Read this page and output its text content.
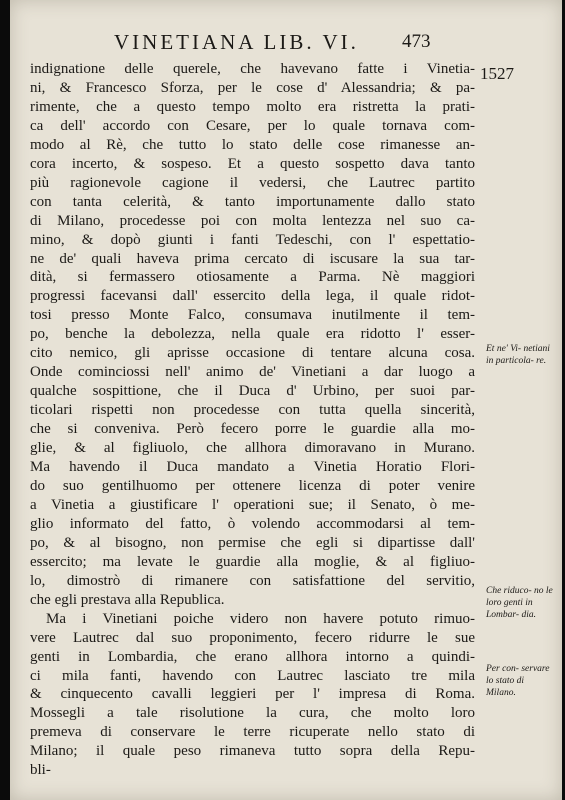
VINETIANA LIB. VI. 473
1527
indignatione delle querele, che havevano fatte i Vinetia-
ni, & Francesco Sforza, per le cose d' Alessandria; & pa-
rimente, che a questo tempo molto era ristretta la prati-
ca dell' accordo con Cesare, per lo quale tornava com-
modo al Rè, che tutto lo stato delle cose rimanesse an-
cora incerto, & sospeso. Et a questo sospetto dava tanto
più ragionevole cagione il vedersi, che Lautrec partito
con tanta celerità, & tanto importunamente dallo stato
di Milano, procedesse poi con molta lentezza nel suo ca-
mino, & dopò giunti i fanti Tedeschi, con l' espettatio-
ne de' quali haveva prima cercato di iscusare la sua tar-
dità, si fermassero otiosamente a Parma. Nè maggiori
progressi facevansi dall' essercito della lega, il quale ridot-
tosi presso Monte Falco, consumava inutilmente il tem-
po, benche la debolezza, nella quale era ridotto l' esser-
cito nemico, gli aprisse occasione di tentare alcuna cosa.
Onde cominciossi nell' animo de' Vinetiani a dar luogo a
qualche sospittione, che il Duca d' Urbino, per suoi par-
ticolari rispetti non procedesse con tutta quella sincerità,
che si conveniva. Però fecero porre le guardie alla mo-
glie, & al figliuolo, che allhora dimoravano in Murano.
Ma havendo il Duca mandato a Vinetia Horatio Flori-
do suo gentilhuomo per ottenere licenza di poter venire
a Vinetia a giustificare l' operationi sue; il Senato, ò me-
glio informato del fatto, ò volendo accommodarsi al tem-
po, & al bisogno, non permise che egli si dipartisse dall'
essercito; ma levate le guardie alla moglie, & al figliuo-
lo, dimostrò di rimanere con satisfattione del servitio,
che egli prestava alla Republica.
Ma i Vinetiani poiche videro non havere potuto rimuo-
vere Lautrec dal suo proponimento, fecero ridurre le sue
genti in Lombardia, che erano allhora intorno a quindi-
ci mila fanti, havendo con Lautrec lasciato tre mila
& cinquecento cavalli leggieri per l' impresa di Roma.
Mossegli a tale risolutione la cura, che molto loro
premeva di conservare le terre ricuperate nello stato di
Milano; il quale peso rimaneva tutto sopra della Repu-
bli-
Et ne' Vi- netiani in particola- re.
Che riduco- no le loro genti in Lombar- dia.
Per con- servare lo stato di Milano.
